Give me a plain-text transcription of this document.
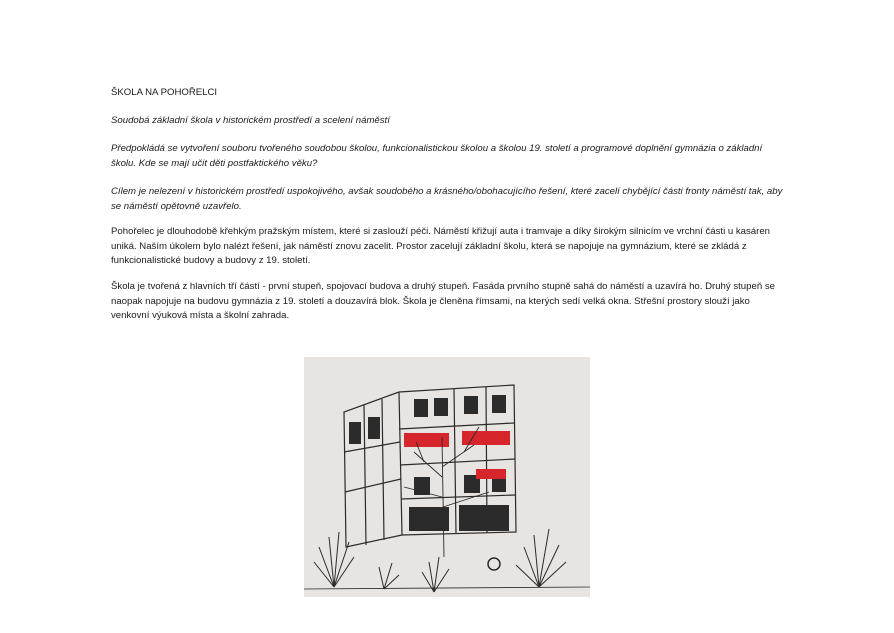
ŠKOLA NA POHOŘELCI

Soudobá základní škola v historickém prostředí a scelení náměstí

Předpokládá se vytvoření souboru tvořeného soudobou školou, funkcionalistickou školou a školou 19. století a programové doplnění gymnázia o základní školu. Kde se mají učit děti postfaktického věku?

Cílem je nelezení v historickém prostředí uspokojivého, avšak soudobého a krásného/obohacujícího řešení, které zacelí chybějící části fronty náměstí tak, aby se náměstí opětovně uzavřelo.

Pohořelec je dlouhodobě křehkým pražským místem, které si zaslouží péči. Náměstí křižují auta i tramvaje a díky širokým silnicím ve vrchní části u kasáren uniká. Naším úkolem bylo nalézt řešení, jak náměstí znovu zacelit. Prostor zacelují základní školu, která se napojuje na gymnázium, které se zkládá z funkcionalistické budovy a budovy z 19. století.

Škola je tvořená z hlavních tří částí - první stupeň, spojovací budova a druhý stupeň. Fasáda prvního stupně sahá do náměstí a uzavírá ho. Druhý stupeň se naopak napojuje na budovu gymnázia z 19. století a douzavírá blok. Škola je členěna římsami, na kterých sedí velká okna. Střešní prostory slouží jako venkovní výuková místa a školní zahrada.
